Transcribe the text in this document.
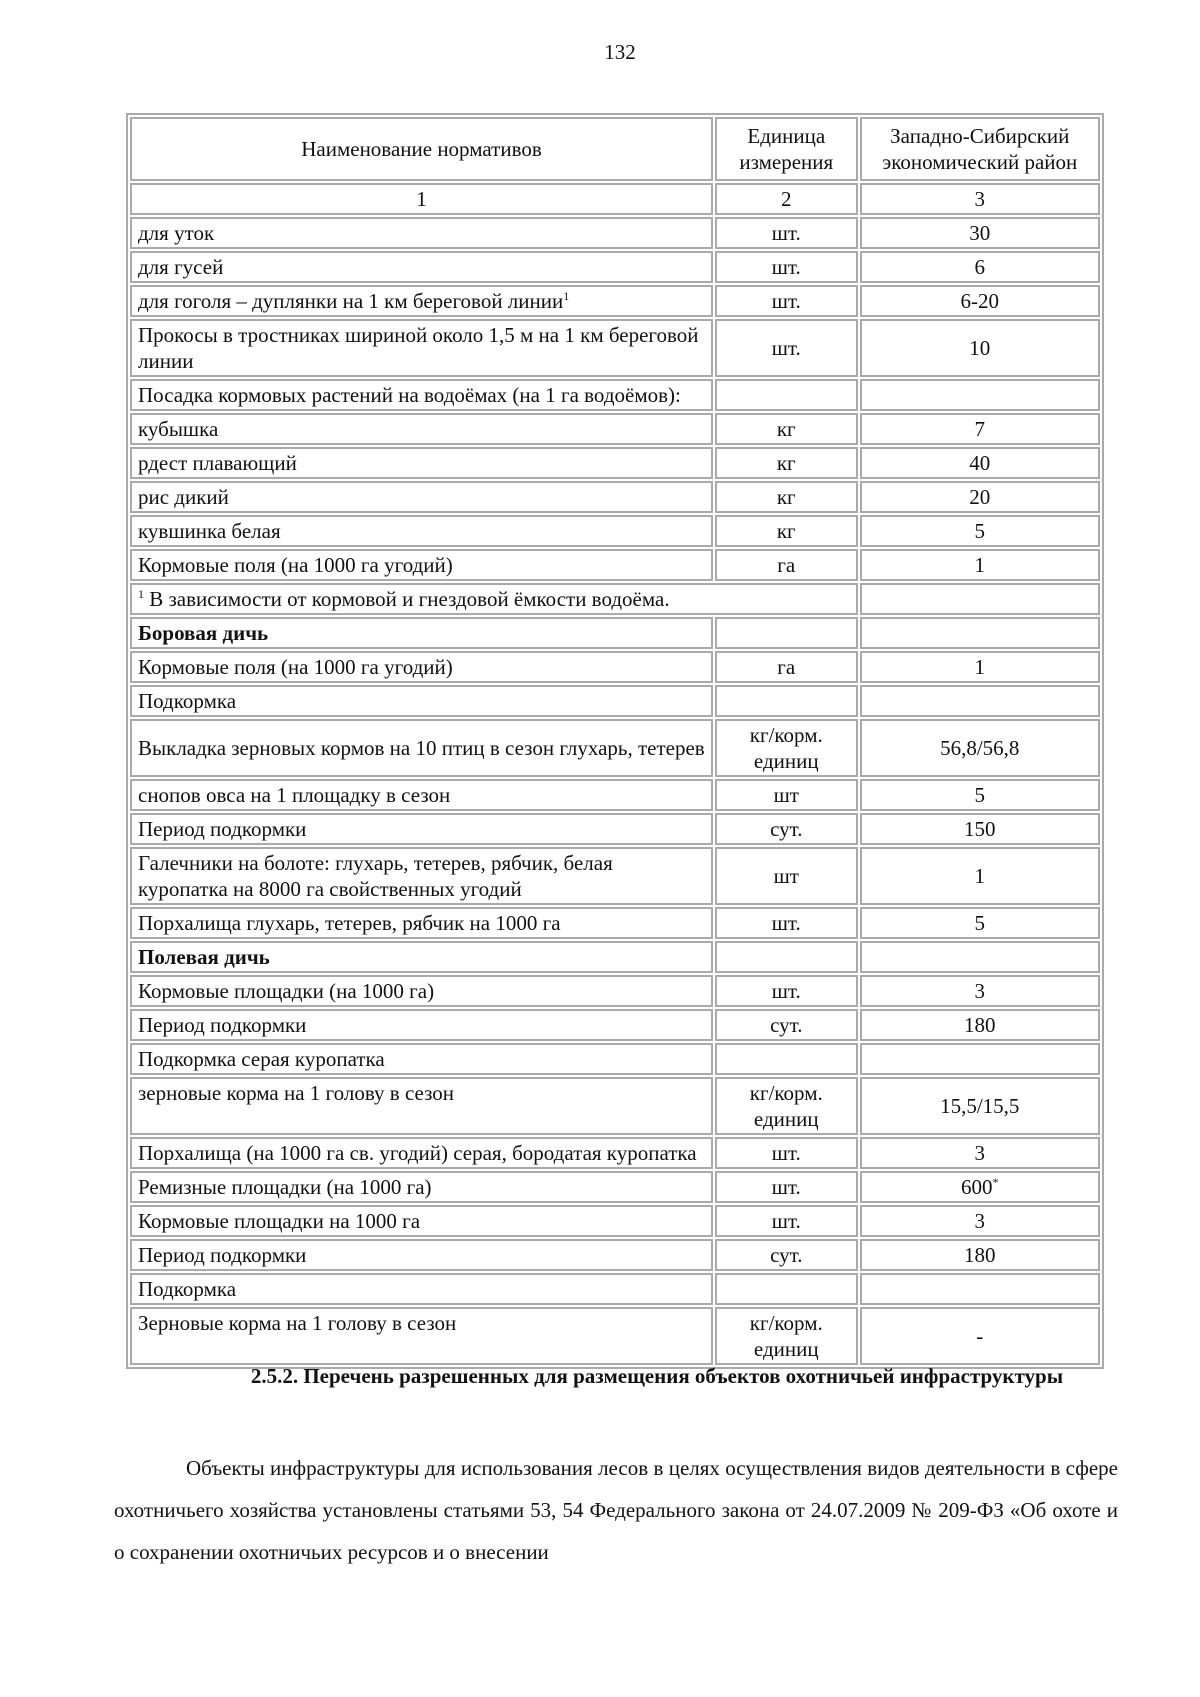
132
Наименование нормативов	Единица измерения	Западно-Сибирский экономический район
1	2	3
для уток	шт.	30
для гусей	шт.	6
для гоголя – дуплянки на 1 км береговой линии$^1$	шт.	6-20
Прокосы в тростниках шириной около 1,5 м на 1 км береговой линии	шт.	10
Посадка кормовых растений на водоёмах (на 1 га водоёмов):		
кубышка	кг	7
рдест плавающий	кг	40
рис дикий	кг	20
кувшинка белая	кг	5
Кормовые поля (на 1000 га угодий)	га	1
$^1$ В зависимости от кормовой и гнездовой ёмкости водоёма.		
Боровая дичь		
Кормовые поля (на 1000 га угодий)	га	1
Подкормка		
Выкладка зерновых кормов на 10 птиц в сезон глухарь, тетерев	кг/корм. единиц	56,8/56,8
снопов овса на 1 площадку в сезон	шт	5
Период подкормки	сут.	150
Галечники на болоте: глухарь, тетерев, рябчик, белая куропатка на 8000 га свойственных угодий	шт	1
Порхалища глухарь, тетерев, рябчик на 1000 га	шт.	5
Полевая дичь		
Кормовые площадки (на 1000 га)	шт.	3
Период подкормки	сут.	180
Подкормка серая куропатка		
зерновые корма на 1 голову в сезон	кг/корм. единиц	15,5/15,5
Порхалища (на 1000 га св. угодий) серая, бородатая куропатка	шт.	3
Ремизные площадки (на 1000 га)	шт.	600*
Кормовые площадки на 1000 га	шт.	3
Период подкормки	сут.	180
Подкормка		
Зерновые корма на 1 голову в сезон	кг/корм. единиц	-
2.5.2. Перечень разрешенных для размещения объектов охотничьей инфраструктуры
Объекты инфраструктуры для использования лесов в целях осуществления видов деятельности в сфере охотничьего хозяйства установлены статьями 53, 54 Федерального закона от 24.07.2009 № 209-ФЗ «Об охоте и о сохранении охотничьих ресурсов и о внесении
